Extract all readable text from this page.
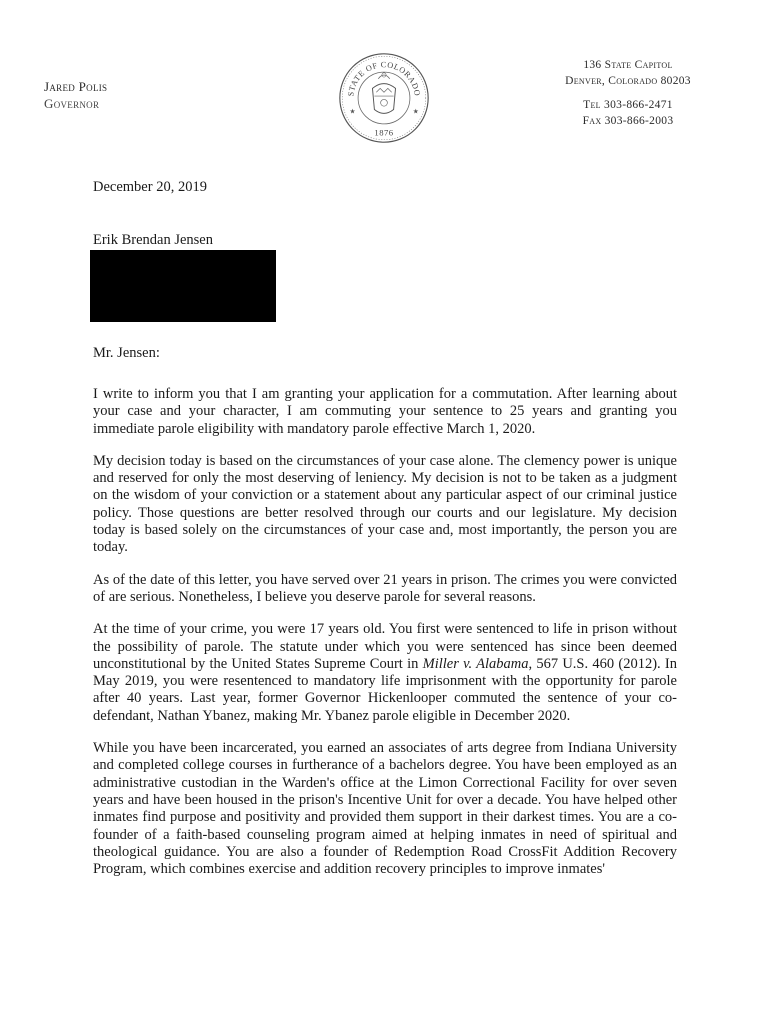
Jared Polis
Governor
STATE OF COLORADO
★	★
1876
136 State Capitol
Denver, Colorado 80203
Tel 303-866-2471
Fax 303-866-2003
December 20, 2019
Erik Brendan Jensen
Mr. Jensen:

I write to inform you that I am granting your application for a commutation. After learning about your case and your character, I am commuting your sentence to 25 years and granting you immediate parole eligibility with mandatory parole effective March 1, 2020.

My decision today is based on the circumstances of your case alone. The clemency power is unique and reserved for only the most deserving of leniency. My decision is not to be taken as a judgment on the wisdom of your conviction or a statement about any particular aspect of our criminal justice policy. Those questions are better resolved through our courts and our legislature. My decision today is based solely on the circumstances of your case and, most importantly, the person you are today.

As of the date of this letter, you have served over 21 years in prison. The crimes you were convicted of are serious. Nonetheless, I believe you deserve parole for several reasons.

At the time of your crime, you were 17 years old. You first were sentenced to life in prison without the possibility of parole. The statute under which you were sentenced has since been deemed unconstitutional by the United States Supreme Court in Miller v. Alabama, 567 U.S. 460 (2012). In May 2019, you were resentenced to mandatory life imprisonment with the opportunity for parole after 40 years. Last year, former Governor Hickenlooper commuted the sentence of your co-defendant, Nathan Ybanez, making Mr. Ybanez parole eligible in December 2020.

While you have been incarcerated, you earned an associates of arts degree from Indiana University and completed college courses in furtherance of a bachelors degree. You have been employed as an administrative custodian in the Warden's office at the Limon Correctional Facility for over seven years and have been housed in the prison's Incentive Unit for over a decade. You have helped other inmates find purpose and positivity and provided them support in their darkest times. You are a co-founder of a faith-based counseling program aimed at helping inmates in need of spiritual and theological guidance. You are also a founder of Redemption Road CrossFit Addition Recovery Program, which combines exercise and addition recovery principles to improve inmates'
